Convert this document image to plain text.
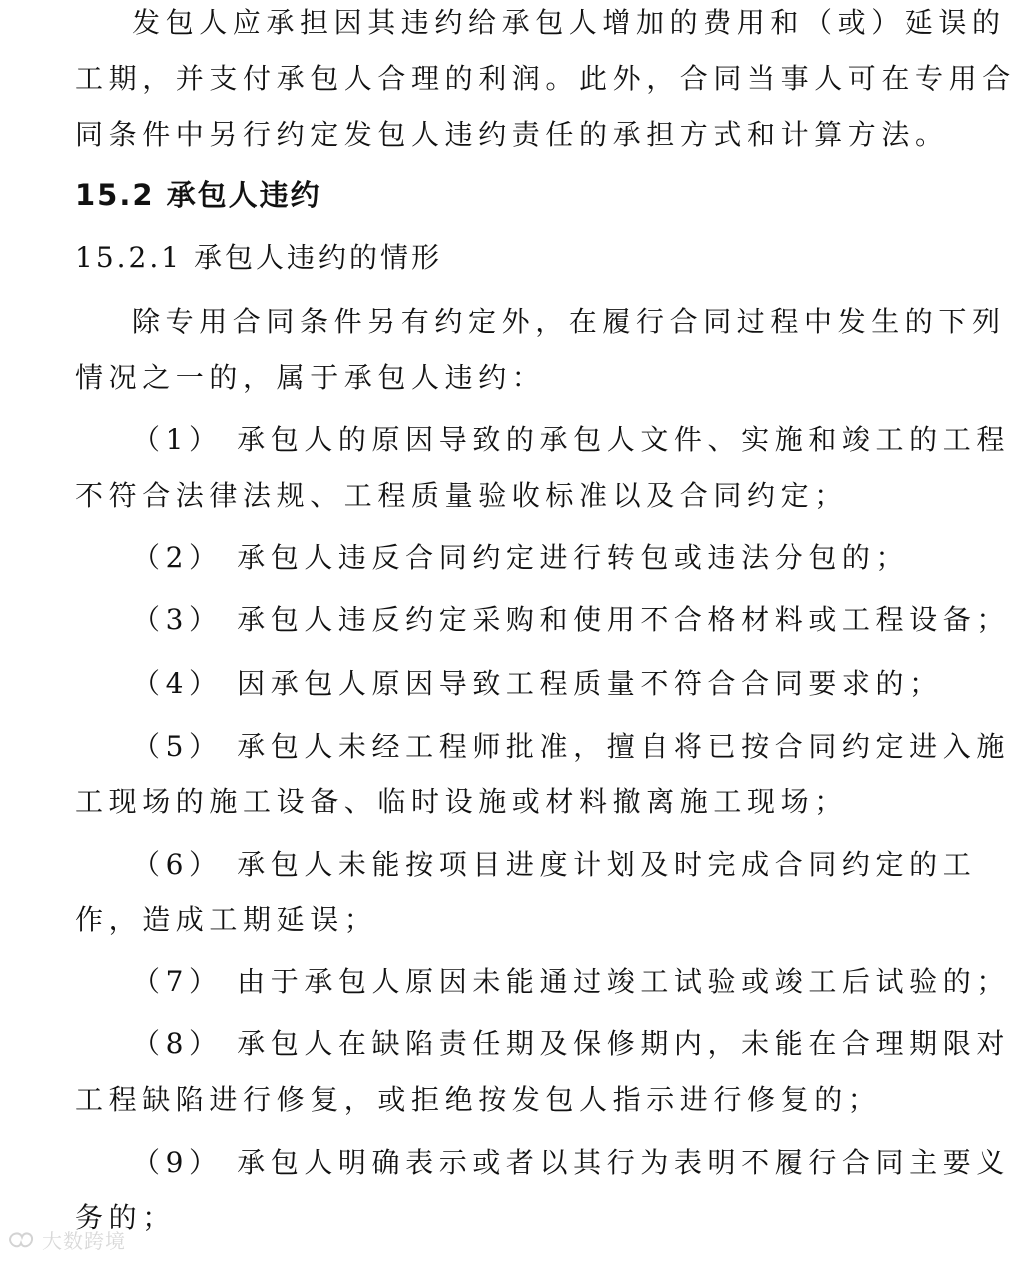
发包人应承担因其违约给承包人增加的费用和（或）延误的
工期，并支付承包人合理的利润。此外，合同当事人可在专用合
同条件中另行约定发包人违约责任的承担方式和计算方法。
15.2 承包人违约
15.2.1 承包人违约的情形
除专用合同条件另有约定外，在履行合同过程中发生的下列
情况之一的，属于承包人违约：
（1） 承包人的原因导致的承包人文件、实施和竣工的工程
不符合法律法规、工程质量验收标准以及合同约定；
（2） 承包人违反合同约定进行转包或违法分包的；
（3） 承包人违反约定采购和使用不合格材料或工程设备；
（4） 因承包人原因导致工程质量不符合合同要求的；
（5） 承包人未经工程师批准，擅自将已按合同约定进入施
工现场的施工设备、临时设施或材料撤离施工现场；
（6） 承包人未能按项目进度计划及时完成合同约定的工
作，造成工期延误；
（7） 由于承包人原因未能通过竣工试验或竣工后试验的；
（8） 承包人在缺陷责任期及保修期内，未能在合理期限对
工程缺陷进行修复，或拒绝按发包人指示进行修复的；
（9） 承包人明确表示或者以其行为表明不履行合同主要义
务的；
大数跨境
